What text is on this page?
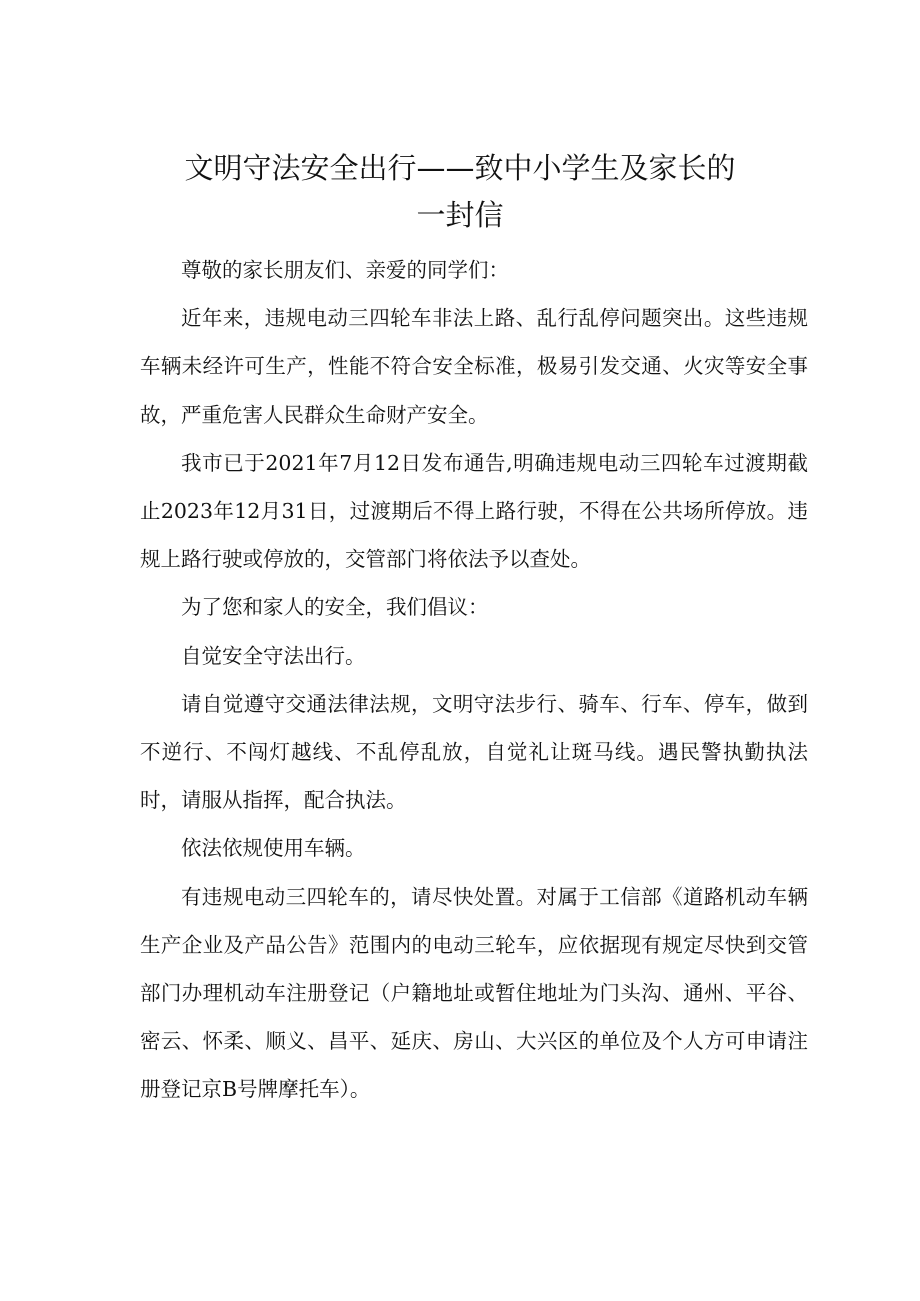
文明守法安全出行——致中小学生及家长的
一封信

尊敬的家长朋友们、亲爱的同学们：

近年来，违规电动三四轮车非法上路、乱行乱停问题突出。这些违规车辆未经许可生产，性能不符合安全标准，极易引发交通、火灾等安全事故，严重危害人民群众生命财产安全。

我市已于2021年7月12日发布通告,明确违规电动三四轮车过渡期截止2023年12月31日，过渡期后不得上路行驶，不得在公共场所停放。违规上路行驶或停放的，交管部门将依法予以查处。

为了您和家人的安全，我们倡议：

自觉安全守法出行。

请自觉遵守交通法律法规，文明守法步行、骑车、行车、停车，做到不逆行、不闯灯越线、不乱停乱放，自觉礼让斑马线。遇民警执勤执法时，请服从指挥，配合执法。

依法依规使用车辆。

有违规电动三四轮车的，请尽快处置。对属于工信部《道路机动车辆生产企业及产品公告》范围内的电动三轮车，应依据现有规定尽快到交管部门办理机动车注册登记（户籍地址或暂住地址为门头沟、通州、平谷、密云、怀柔、顺义、昌平、延庆、房山、大兴区的单位及个人方可申请注册登记京B号牌摩托车）。
